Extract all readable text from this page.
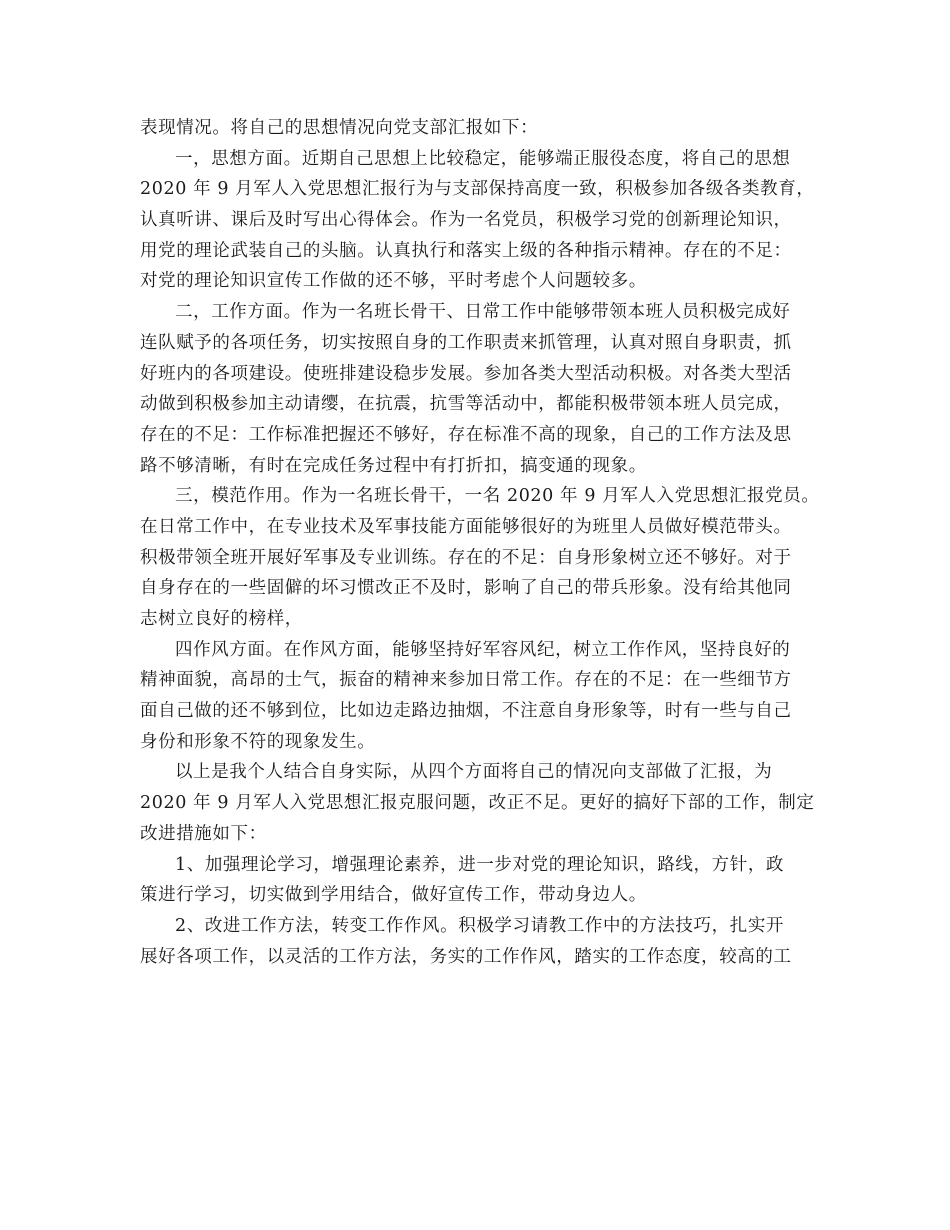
表现情况。将自己的思想情况向党支部汇报如下：
一，思想方面。近期自己思想上比较稳定，能够端正服役态度，将自己的思想
2020 年 9 月军人入党思想汇报行为与支部保持高度一致，积极参加各级各类教育，
认真听讲、课后及时写出心得体会。作为一名党员，积极学习党的创新理论知识，
用党的理论武装自己的头脑。认真执行和落实上级的各种指示精神。存在的不足：
对党的理论知识宣传工作做的还不够，平时考虑个人问题较多。
二，工作方面。作为一名班长骨干、日常工作中能够带领本班人员积极完成好
连队赋予的各项任务，切实按照自身的工作职责来抓管理，认真对照自身职责，抓
好班内的各项建设。使班排建设稳步发展。参加各类大型活动积极。对各类大型活
动做到积极参加主动请缨，在抗震，抗雪等活动中，都能积极带领本班人员完成，
存在的不足：工作标准把握还不够好，存在标准不高的现象，自己的工作方法及思
路不够清晰，有时在完成任务过程中有打折扣，搞变通的现象。
三，模范作用。作为一名班长骨干，一名 2020 年 9 月军人入党思想汇报党员。
在日常工作中，在专业技术及军事技能方面能够很好的为班里人员做好模范带头。
积极带领全班开展好军事及专业训练。存在的不足：自身形象树立还不够好。对于
自身存在的一些固僻的坏习惯改正不及时，影响了自己的带兵形象。没有给其他同
志树立良好的榜样，
四作风方面。在作风方面，能够坚持好军容风纪，树立工作作风，坚持良好的
精神面貌，高昂的士气，振奋的精神来参加日常工作。存在的不足：在一些细节方
面自己做的还不够到位，比如边走路边抽烟，不注意自身形象等，时有一些与自己
身份和形象不符的现象发生。
以上是我个人结合自身实际，从四个方面将自己的情况向支部做了汇报，为
2020 年 9 月军人入党思想汇报克服问题，改正不足。更好的搞好下部的工作，制定
改进措施如下：
1、加强理论学习，增强理论素养，进一步对党的理论知识，路线，方针，政
策进行学习，切实做到学用结合，做好宣传工作，带动身边人。
2、改进工作方法，转变工作作风。积极学习请教工作中的方法技巧，扎实开
展好各项工作，以灵活的工作方法，务实的工作作风，踏实的工作态度，较高的工
